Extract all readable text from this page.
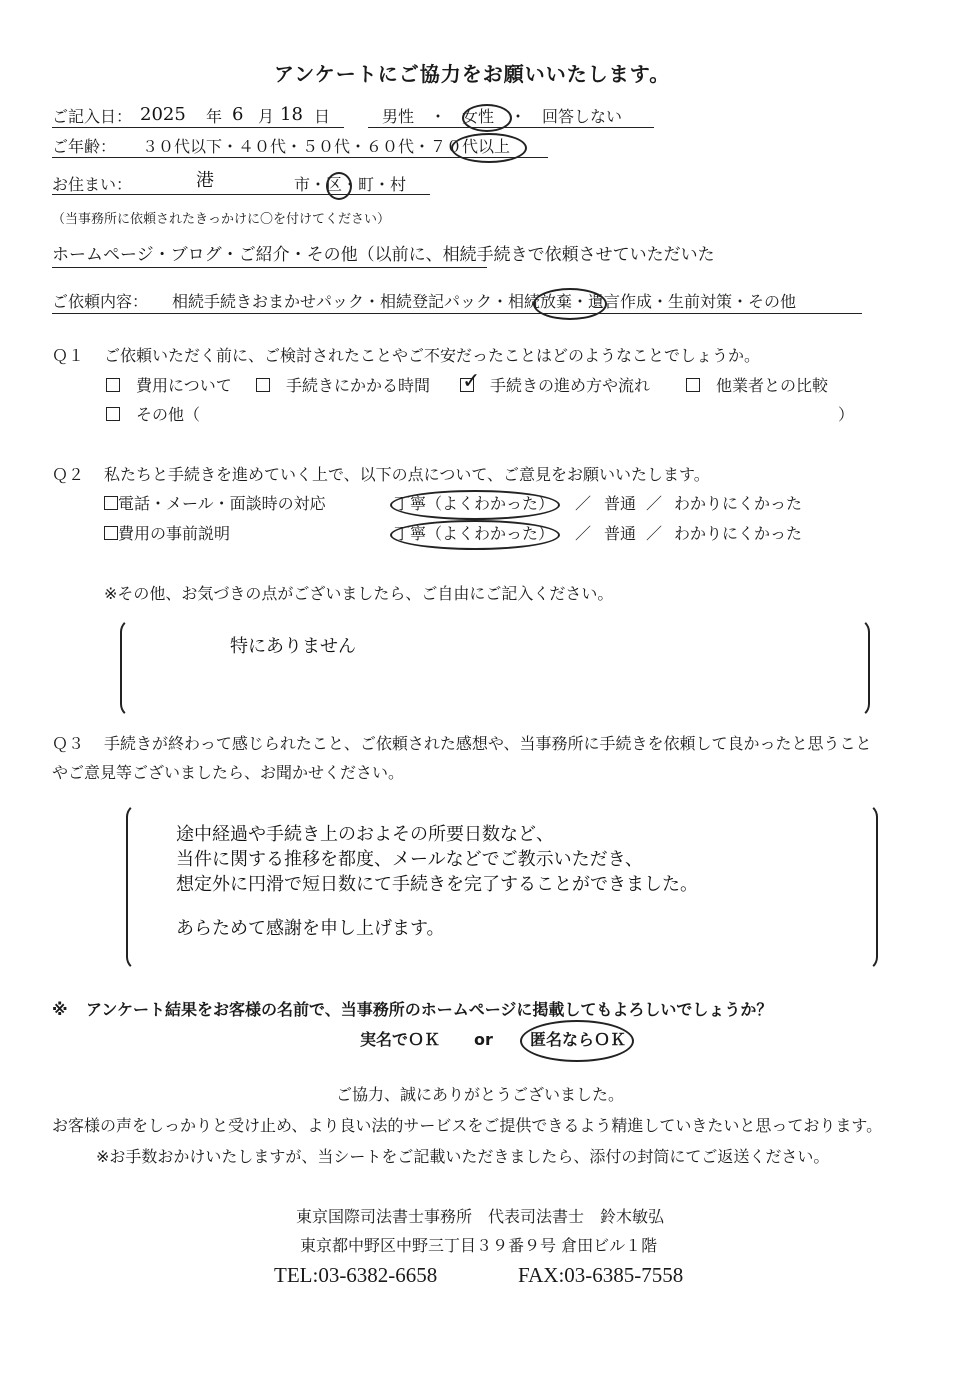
アンケートにご協力をお願いいたします。
ご記入日： 2025 年 6 月 18 日	男性　・　女性　・　回答しない
ご年齢： ３０代以下・４０代・５０代・６０代・７０代以上
お住まい：	港	市・区・町・村
（当事務所に依頼されたきっかけに〇を付けてください）
ホームページ・ブログ・ご紹介・その他（以前に、相続手続きで依頼させていただいた
ご依頼内容： 相続手続きおまかせパック・相続登記パック・相続放棄・遺言作成・生前対策・その他
Ｑ１ ご依頼いただく前に、ご検討されたことやご不安だったことはどのようなことでしょうか。
　費用について
　	手続きにかかる時間 ✓
　 手続きの進め方や流れ
　	他業者との比較
　その他（	）
Ｑ２ 私たちと手続きを進めていく上で、以下の点について、ご意見をお願いいたします。
電話・メール・面談時の対応	丁寧（よくわかった） ／ 普通 ／ わかりにくかった
費用の事前説明	丁寧（よくわかった） ／ 普通 ／ わかりにくかった
※その他、お気づきの点がございましたら、ご自由にご記入ください。
特にありません
Ｑ３ 手続きが終わって感じられたこと、ご依頼された感想や、当事務所に手続きを依頼して良かったと思うこと
やご意見等ございましたら、お聞かせください。
途中経過や手続き上のおよその所要日数など、
当件に関する推移を都度、メールなどでご教示いただき、
想定外に円滑で短日数にて手続きを完了することができました。
あらためて感謝を申し上げます。
※ アンケート結果をお客様の名前で、当事務所のホームページに掲載してもよろしいでしょうか？
実名でＯＫ or 匿名ならＯＫ
ご協力、誠にありがとうございました。
お客様の声をしっかりと受け止め、より良い法的サービスをご提供できるよう精進していきたいと思っております。
※お手数おかけいたしますが、当シートをご記載いただきましたら、添付の封筒にてご返送ください。
東京国際司法書士事務所　代表司法書士　鈴木敏弘
東京都中野区中野三丁目３９番９号 倉田ビル１階
TEL:03-6382-6658	FAX:03-6385-7558
